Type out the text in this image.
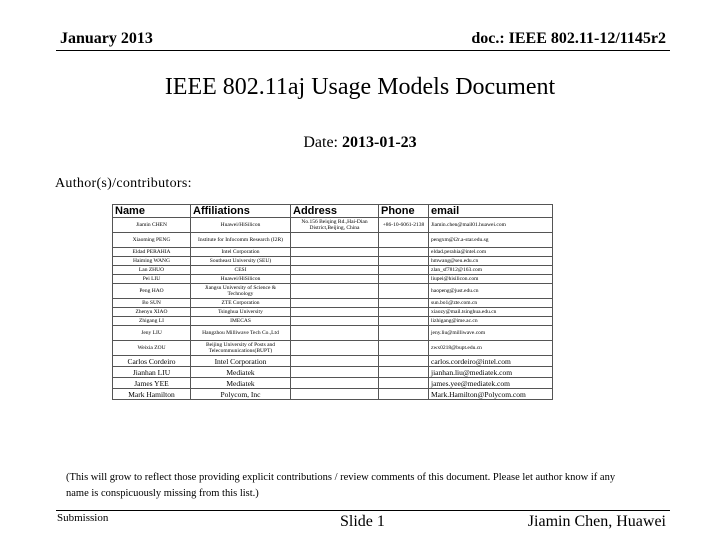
January 2013	doc.: IEEE 802.11-12/1145r2
IEEE 802.11aj Usage Models Document
Date: 2013-01-23
Author(s)/contributors:
Name	Affiliations	Address	Phone	email
Jiamin CHEN	Huawei/HiSilicon	No.156 Beiqing Rd.,Hai-Dian District,Beijing, China	+86-10-6061-2138	Jiamin.chen@mail01.huawei.com
Xiaoming PENG	Institute for Infocomm Research (I2R)			pengxm@i2r.a-star.edu.sg
Eldad PERAHIA	Intel Corporation			eldad.perahia@intel.com
Haiming WANG	Southeast University (SEU)			hmwang@seu.edu.cn
Lan ZHUO	CESI			zlan_sf7812@163.com
Pei LIU	Huawei/HiSilicon			liupei@hisilicon.com
Peng HAO	Jiangsu University of Science & Technology			haopeng@just.edu.cn
Bo SUN	ZTE Corporation			sun.bo1@zte.com.cn
Zhenyu XIAO	Tsinghua University			xiaozy@mail.tsinghua.edu.cn
Zhigang LI	IMECAS			lizhigang@ime.ac.cn
Jeny LIU	Hangzhou Milliwave Tech Co.,Ltd			jeny.liu@milliwave.com
Weixia ZOU	Beijing University of Posts and Telecommunications(BUPT)			zwx0218@bupt.edu.cn
Carlos Cordeiro	Intel Corporation			carlos.cordeiro@intel.com
Jianhan LIU	Mediatek			jianhan.liu@mediatek.com
James YEE	Mediatek			james.yee@mediatek.com
Mark Hamilton	Polycom, Inc			Mark.Hamilton@Polycom.com
(This will grow to reflect those providing explicit contributions / review comments of this document. Please let author know if any name is conspicuously missing from this list.)
Submission	Slide 1	Jiamin Chen, Huawei
